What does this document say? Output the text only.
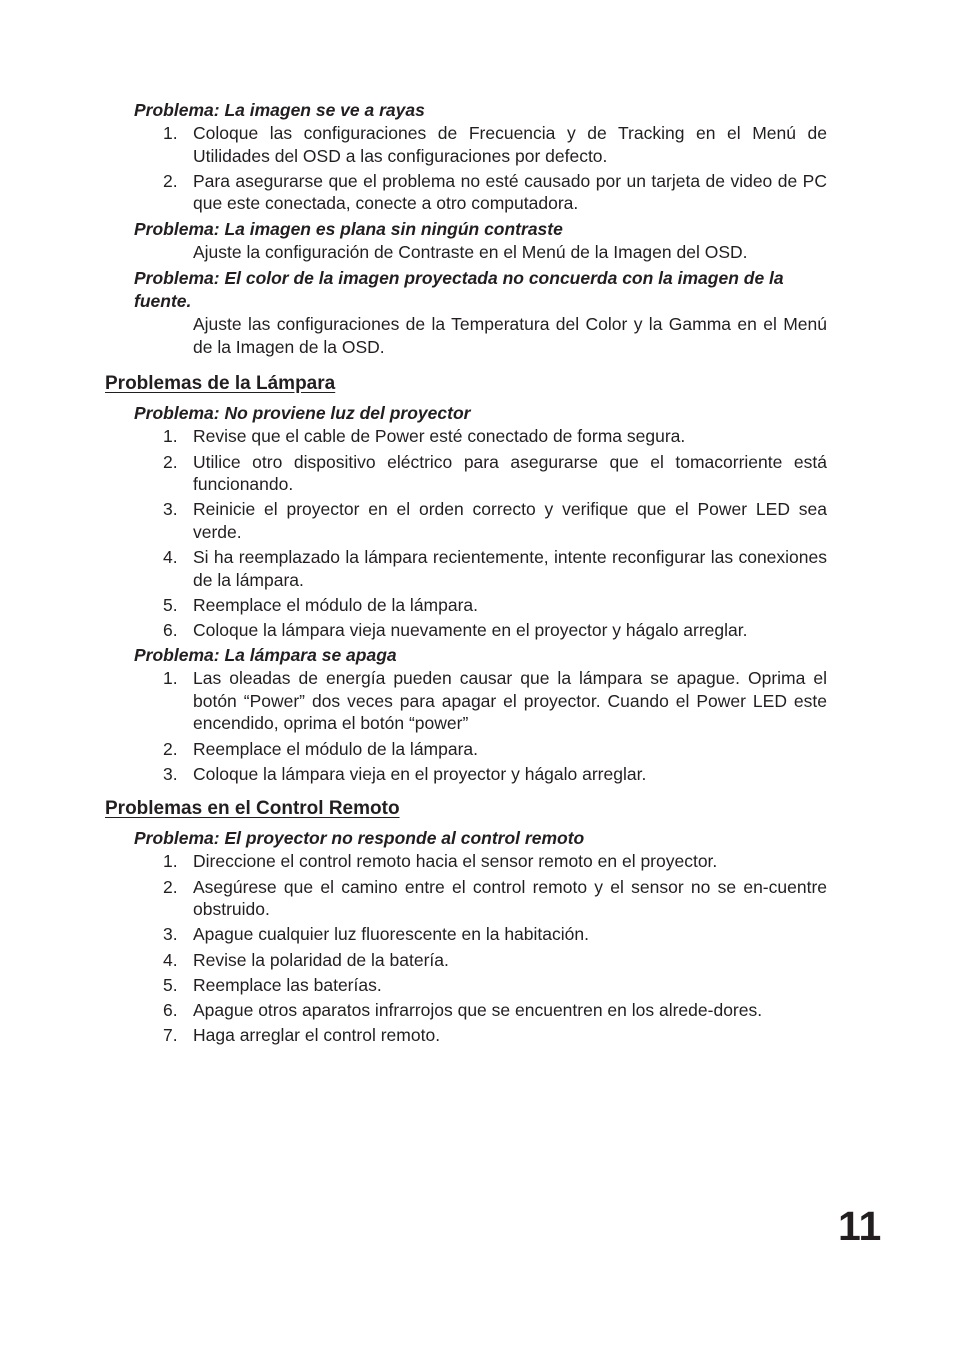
Problema: La imagen se ve a rayas

1. Coloque las configuraciones de Frecuencia y de Tracking en el Menú de Utilidades del OSD a las configuraciones por defecto.
2. Para asegurarse que el problema no esté causado por un tarjeta de video de PC que este conectada, conecte a otro computadora.

Problema: La imagen es plana sin ningún contraste

Ajuste la configuración de Contraste en el Menú de la Imagen del OSD.

Problema: El color de la imagen proyectada no concuerda con la imagen de la fuente.

Ajuste las configuraciones de la Temperatura del Color y la Gamma en el Menú de la Imagen de la OSD.

Problemas de la Lámpara

Problema: No proviene luz del proyector

1. Revise que el cable de Power esté conectado de forma segura.
2. Utilice otro dispositivo eléctrico para asegurarse que el tomacorriente está funcionando.
3. Reinicie el proyector en el orden correcto y verifique que el Power LED sea verde.
4. Si ha reemplazado la lámpara recientemente, intente reconfigurar las conexiones de la lámpara.
5. Reemplace el módulo de la lámpara.
6. Coloque la lámpara vieja nuevamente en el proyector y hágalo arreglar.

Problema: La lámpara se apaga

1. Las oleadas de energía pueden causar que la lámpara se apague. Oprima el botón “Power” dos veces para apagar el proyector. Cuando el Power LED este encendido, oprima el botón “power”
2. Reemplace el módulo de la lámpara.
3. Coloque la lámpara vieja en el proyector y hágalo arreglar.

Problemas en el Control Remoto

Problema: El proyector no responde al control remoto

1. Direccione el control remoto hacia el sensor remoto en el proyector.
2. Asegúrese que el camino entre el control remoto y el sensor no se en-cuentre obstruido.
3. Apague cualquier luz fluorescente en la habitación.
4. Revise la polaridad de la batería.
5. Reemplace las baterías.
6. Apague otros aparatos infrarrojos que se encuentren en los alrede-dores.
7. Haga arreglar el control remoto.
11
